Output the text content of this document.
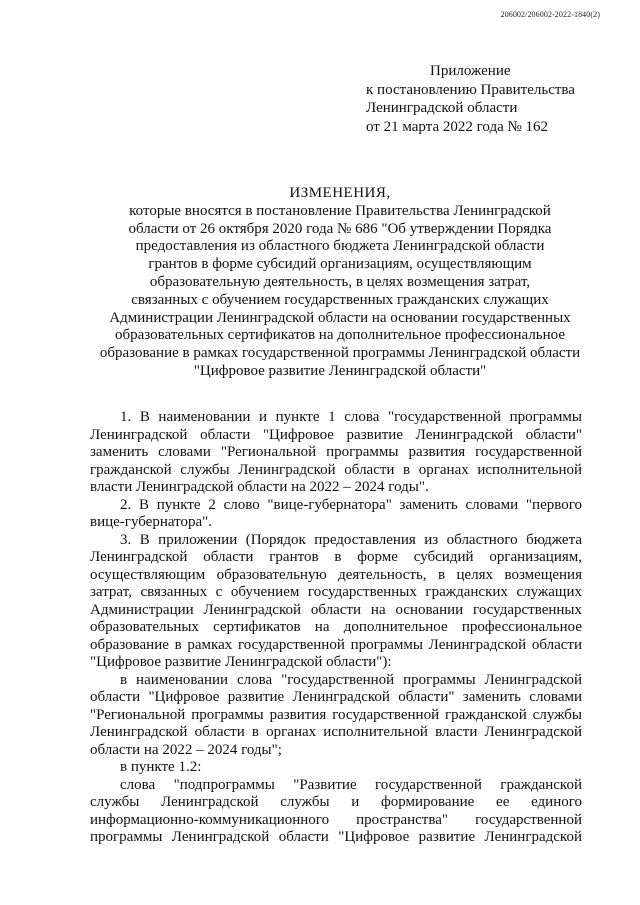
206002/206002-2022-1840(2)
Приложение
к постановлению Правительства
Ленинградской области
от 21 марта 2022 года № 162
ИЗМЕНЕНИЯ,
которые вносятся в постановление Правительства Ленинградской
области от 26 октября 2020 года № 686 "Об утверждении Порядка
предоставления из областного бюджета Ленинградской области
грантов в форме субсидий организациям, осуществляющим
образовательную деятельность, в целях возмещения затрат,
связанных с обучением государственных гражданских служащих
Администрации Ленинградской области на основании государственных
образовательных сертификатов на дополнительное профессиональное
образование в рамках государственной программы Ленинградской области
"Цифровое развитие Ленинградской области"
1. В наименовании и пункте 1 слова "государственной программы
Ленинградской области "Цифровое развитие Ленинградской области"
заменить словами "Региональной программы развития государственной
гражданской службы Ленинградской области в органах исполнительной
власти Ленинградской области на 2022 – 2024 годы".
2. В пункте 2 слово "вице-губернатора" заменить словами "первого
вице-губернатора".
3. В приложении (Порядок предоставления из областного бюджета
Ленинградской области грантов в форме субсидий организациям,
осуществляющим образовательную деятельность, в целях возмещения
затрат, связанных с обучением государственных гражданских служащих
Администрации Ленинградской области на основании государственных
образовательных сертификатов на дополнительное профессиональное
образование в рамках государственной программы Ленинградской области
"Цифровое развитие Ленинградской области"):
в наименовании слова "государственной программы Ленинградской
области "Цифровое развитие Ленинградской области" заменить словами
"Региональной программы развития государственной гражданской службы
Ленинградской области в органах исполнительной власти Ленинградской
области на 2022 – 2024 годы";
в пункте 1.2:
слова "подпрограммы "Развитие государственной гражданской
службы Ленинградской службы и формирование ее единого
информационно-коммуникационного пространства" государственной
программы Ленинградской области "Цифровое развитие Ленинградской
